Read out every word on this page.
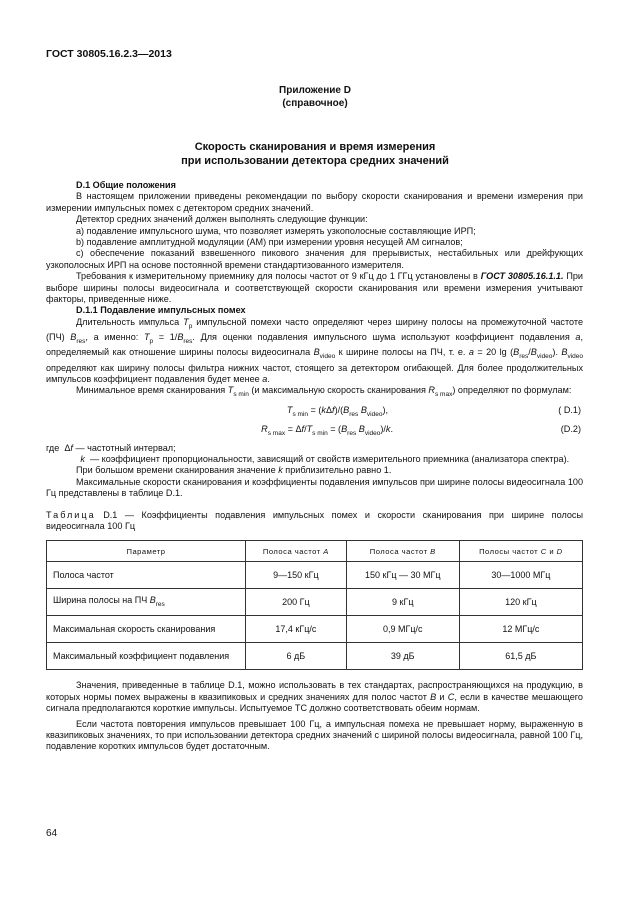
ГОСТ 30805.16.2.3—2013
Приложение D
(справочное)
Скорость сканирования и время измерения
при использовании детектора средних значений

D.1 Общие положения

В настоящем приложении приведены рекомендации по выбору скорости сканирования и времени измерения при измерении импульсных помех с детектором средних значений.

Детектор средних значений должен выполнять следующие функции:

а) подавление импульсного шума, что позволяет измерять узкополосные составляющие ИРП;

b) подавление амплитудной модуляции (АМ) при измерении уровня несущей АМ сигналов;

с) обеспечение показаний взвешенного пикового значения для прерывистых, нестабильных или дрейфующих узкополосных ИРП на основе постоянной времени стандартизованного измерителя.

Требования к измерительному приемнику для полосы частот от 9 кГц до 1 ГГц установлены в ГОСТ 30805.16.1.1. При выборе ширины полосы видеосигнала и соответствующей скорости сканирования или времени измерения учитывают факторы, приведенные ниже.

D.1.1 Подавление импульсных помех

Длительность импульса $T_p$ импульсной помехи часто определяют через ширину полосы на промежуточной частоте (ПЧ) $B_{res}$, а именно: $T_p = 1/B_{res}$. Для оценки подавления импульсного шума используют коэффициент подавления a, определяемый как отношение ширины полосы видеосигнала $B_{video}$ к ширине полосы на ПЧ, т. е. a = 20 $\lg (B_{res}/B_{video})$. $B_{video}$ определяют как ширину полосы фильтра нижних частот, стоящего за детектором огибающей. Для более продолжительных импульсов коэффициент подавления будет менее a.

Минимальное время сканирования $T_{s min}$ (и максимальную скорость сканирования $R_{s max}$) определяют по формулам:

$T_{s min} = (k\Delta f)/(B_{res}$ $B_{video}$),	( D.1)
$R_{s max} = \Delta f/T_{s min} = (B_{res}$ $B_{video})/k$.	(D.2)
где  Δf — частотный интервал;
k — коэффициент пропорциональности, зависящий от свойств измерительного приемника (анализатора спектра).

При большом времени сканирования значение k приблизительно равно 1.

Максимальные скорости сканирования и коэффициенты подавления импульсов при ширине полосы видеосигнала 100 Гц представлены в таблице D.1.

Таблица D.1 — Коэффициенты подавления импульсных помех и скорости сканирования при ширине полосы видеосигнала 100 Гц

Параметр	Полоса частот A	Полоса частот B	Полосы частот C и D
Полоса частот	9—150 кГц	150 кГц — 30 МГц	30—1000 МГц
Ширина полосы на ПЧ $B_{res}$	200 Гц	9 кГц	120 кГц
Максимальная скорость сканирования	17,4 кГц/с	0,9 МГц/с	12 МГц/с
Максимальный коэффициент подавления	6 дБ	39 дБ	61,5 дБ

Значения, приведенные в таблице D.1, можно использовать в тех стандартах, распространяющихся на продукцию, в которых нормы помех выражены в квазипиковых и средних значениях для полос частот B и C, если в качестве мешающего сигнала предполагаются короткие импульсы. Испытуемое ТС должно соответствовать обеим нормам.

Если частота повторения импульсов превышает 100 Гц, а импульсная помеха не превышает норму, выраженную в квазипиковых значениях, то при использовании детектора средних значений с шириной полосы видеосигнала, равной 100 Гц, подавление коротких импульсов будет достаточным.

64
